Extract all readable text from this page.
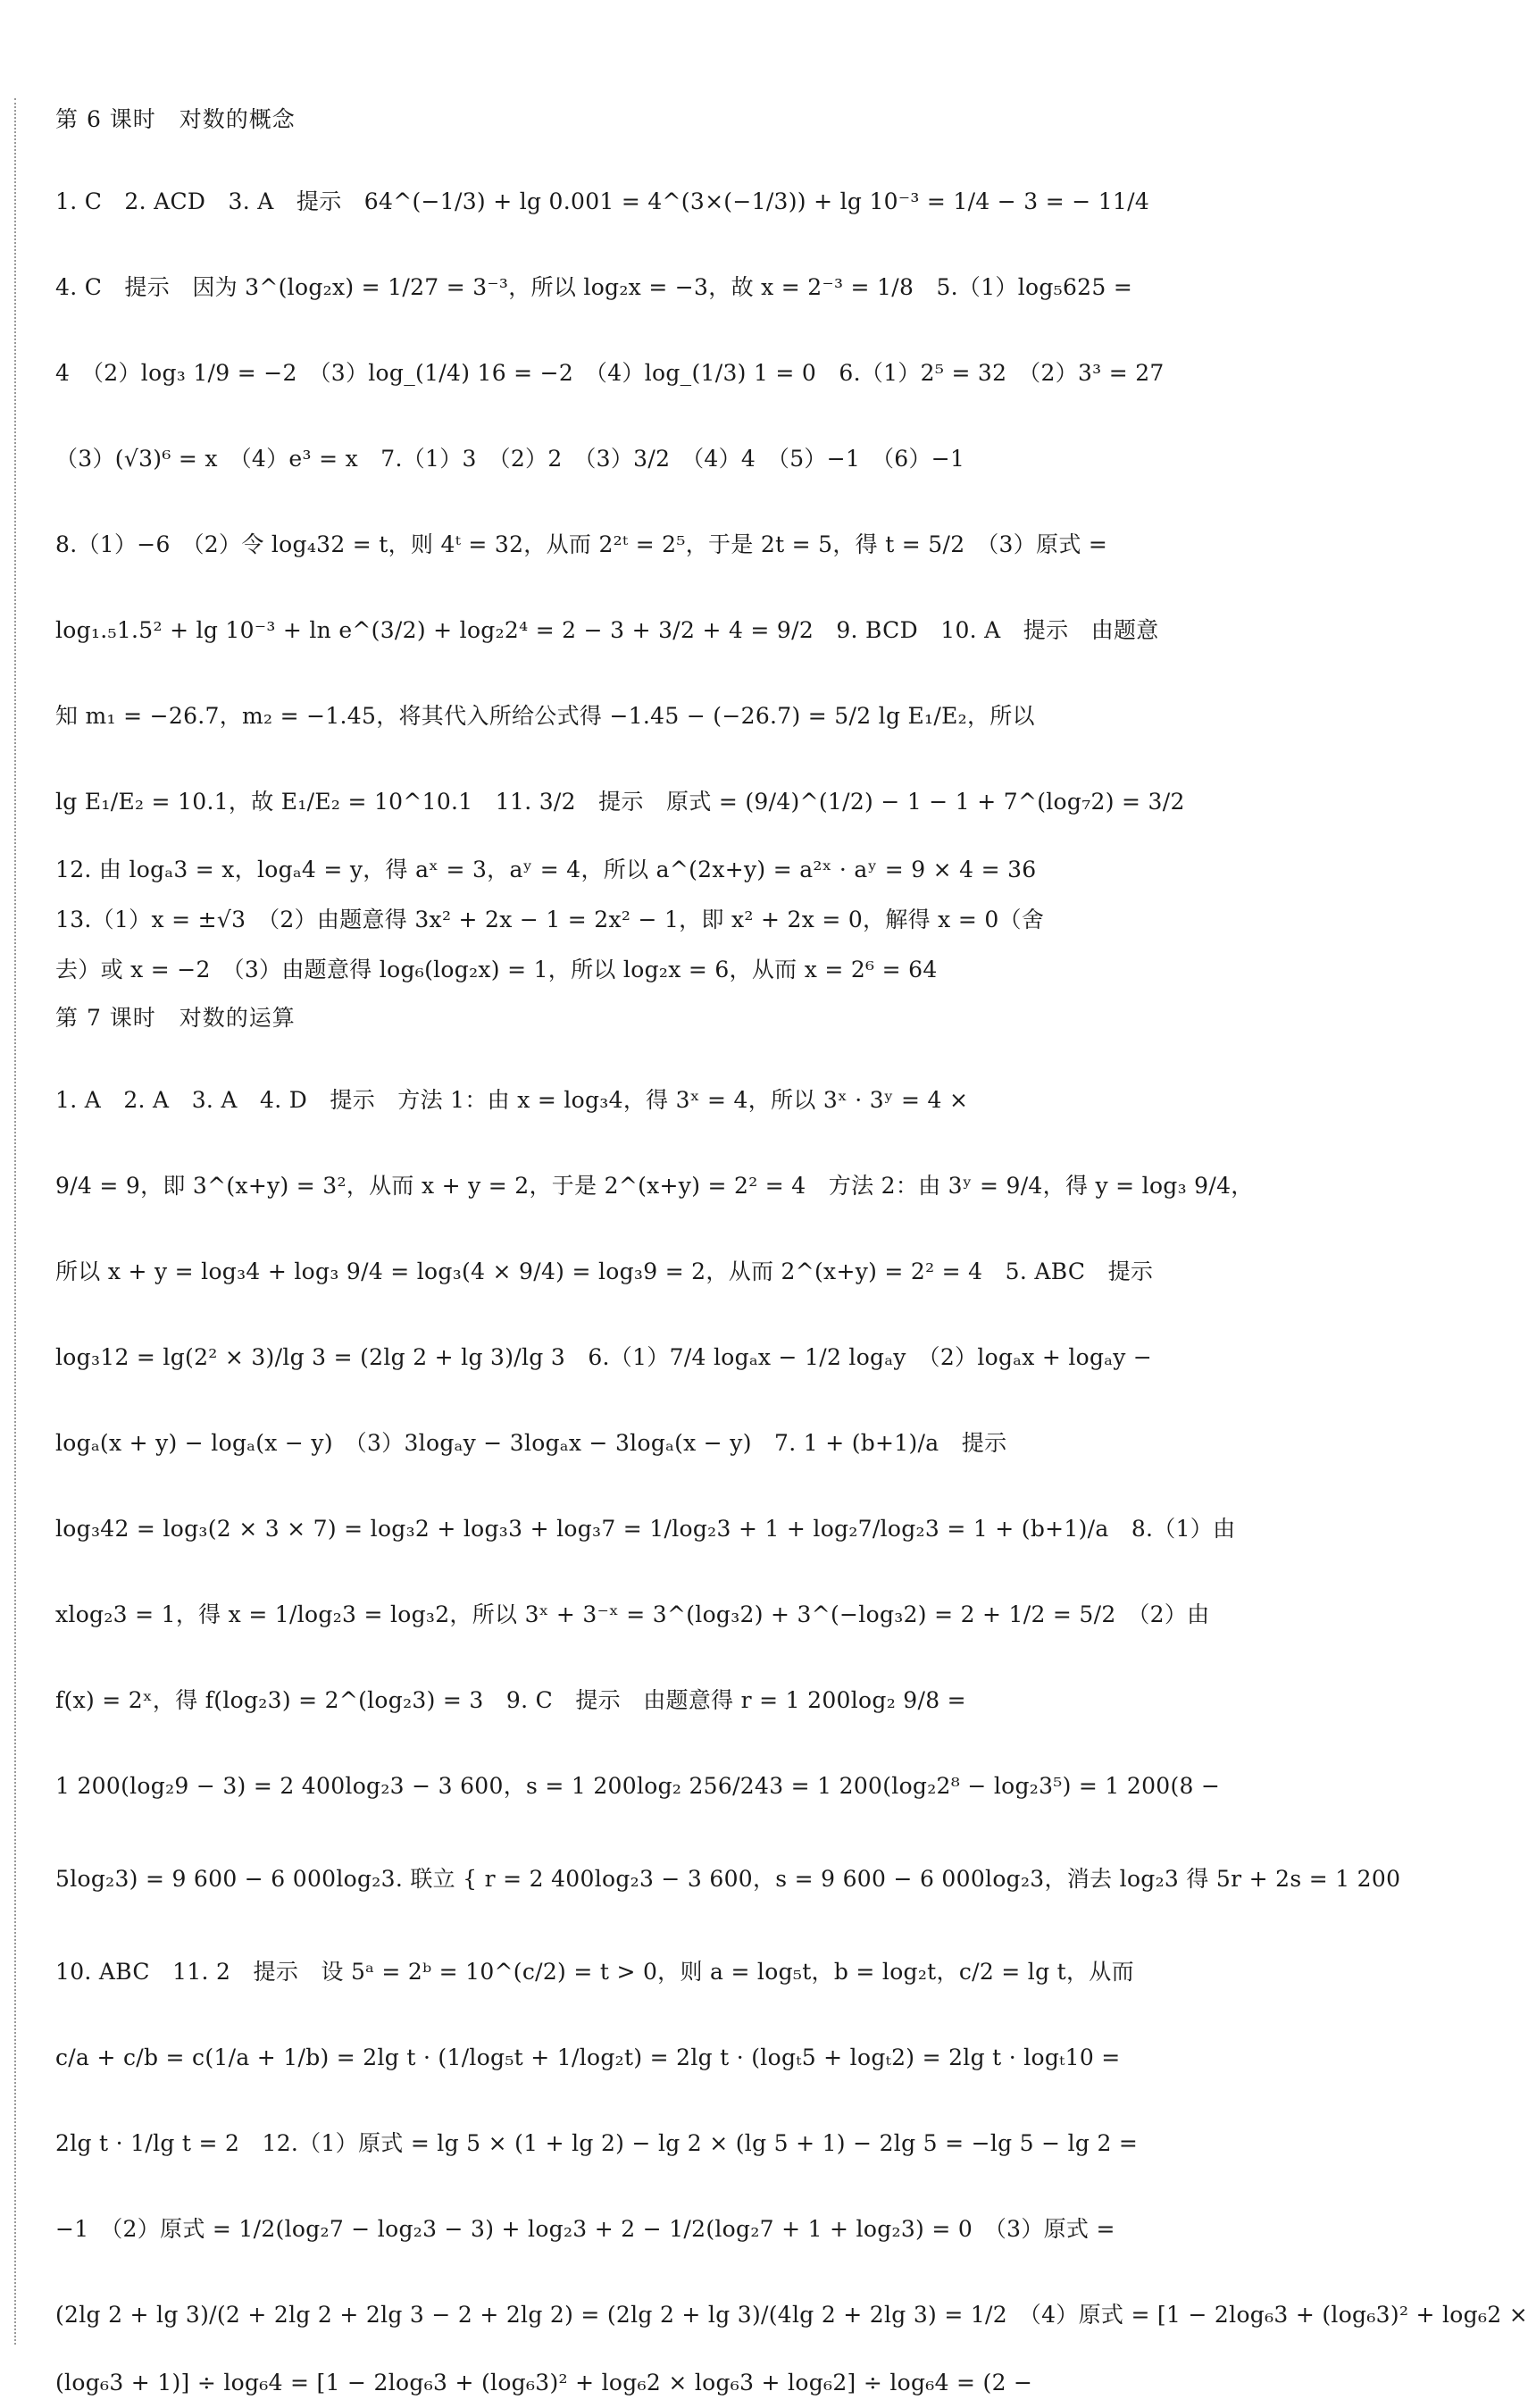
第 6 课时　对数的概念
1. C　2. ACD　3. A　提示　64^(−1/3) + lg 0.001 = 4^(3×(−1/3)) + lg 10⁻³ = 1/4 − 3 = − 11/4
4. C　提示　因为 3^(log₂x) = 1/27 = 3⁻³，所以 log₂x = −3，故 x = 2⁻³ = 1/8　5.（1）log₅625 =
4　（2）log₃ 1/9 = −2　（3）log_(1/4) 16 = −2　（4）log_(1/3) 1 = 0　6.（1）2⁵ = 32　（2）3³ = 27
（3）(√3)⁶ = x　（4）e³ = x　7.（1）3　（2）2　（3）3/2　（4）4　（5）−1　（6）−1
8.（1）−6　（2）令 log₄32 = t，则 4ᵗ = 32，从而 2²ᵗ = 2⁵，于是 2t = 5，得 t = 5/2　（3）原式 =
log₁.₅1.5² + lg 10⁻³ + ln e^(3/2) + log₂2⁴ = 2 − 3 + 3/2 + 4 = 9/2　9. BCD　10. A　提示　由题意
知 m₁ = −26.7，m₂ = −1.45，将其代入所给公式得 −1.45 − (−26.7) = 5/2 lg E₁/E₂，所以
lg E₁/E₂ = 10.1，故 E₁/E₂ = 10^10.1　11. 3/2　提示　原式 = (9/4)^(1/2) − 1 − 1 + 7^(log₇2) = 3/2
12. 由 logₐ3 = x，logₐ4 = y，得 aˣ = 3，aʸ = 4，所以 a^(2x+y) = a²ˣ · aʸ = 9 × 4 = 36
13.（1）x = ±√3　（2）由题意得 3x² + 2x − 1 = 2x² − 1，即 x² + 2x = 0，解得 x = 0（舍
去）或 x = −2　（3）由题意得 log₆(log₂x) = 1，所以 log₂x = 6，从而 x = 2⁶ = 64
第 7 课时　对数的运算
1. A　2. A　3. A　4. D　提示　方法 1：由 x = log₃4，得 3ˣ = 4，所以 3ˣ · 3ʸ = 4 ×
9/4 = 9，即 3^(x+y) = 3²，从而 x + y = 2，于是 2^(x+y) = 2² = 4　方法 2：由 3ʸ = 9/4，得 y = log₃ 9/4，
所以 x + y = log₃4 + log₃ 9/4 = log₃(4 × 9/4) = log₃9 = 2，从而 2^(x+y) = 2² = 4　5. ABC　提示
log₃12 = lg(2² × 3)/lg 3 = (2lg 2 + lg 3)/lg 3　6.（1）7/4 logₐx − 1/2 logₐy　（2）logₐx + logₐy −
logₐ(x + y) − logₐ(x − y)　（3）3logₐy − 3logₐx − 3logₐ(x − y)　7. 1 + (b+1)/a　提示
log₃42 = log₃(2 × 3 × 7) = log₃2 + log₃3 + log₃7 = 1/log₂3 + 1 + log₂7/log₂3 = 1 + (b+1)/a　8.（1）由
xlog₂3 = 1，得 x = 1/log₂3 = log₃2，所以 3ˣ + 3⁻ˣ = 3^(log₃2) + 3^(−log₃2) = 2 + 1/2 = 5/2　（2）由
f(x) = 2ˣ，得 f(log₂3) = 2^(log₂3) = 3　9. C　提示　由题意得 r = 1 200log₂ 9/8 =
1 200(log₂9 − 3) = 2 400log₂3 − 3 600，s = 1 200log₂ 256/243 = 1 200(log₂2⁸ − log₂3⁵) = 1 200(8 −
5log₂3) = 9 600 − 6 000log₂3. 联立 { r = 2 400log₂3 − 3 600，s = 9 600 − 6 000log₂3，消去 log₂3 得 5r + 2s = 1 200
10. ABC　11. 2　提示　设 5ᵃ = 2ᵇ = 10^(c/2) = t > 0，则 a = log₅t，b = log₂t，c/2 = lg t，从而
c/a + c/b = c(1/a + 1/b) = 2lg t · (1/log₅t + 1/log₂t) = 2lg t · (logₜ5 + logₜ2) = 2lg t · logₜ10 =
2lg t · 1/lg t = 2　12.（1）原式 = lg 5 × (1 + lg 2) − lg 2 × (lg 5 + 1) − 2lg 5 = −lg 5 − lg 2 =
−1　（2）原式 = 1/2(log₂7 − log₂3 − 3) + log₂3 + 2 − 1/2(log₂7 + 1 + log₂3) = 0　（3）原式 =
(2lg 2 + lg 3)/(2 + 2lg 2 + 2lg 3 − 2 + 2lg 2) = (2lg 2 + lg 3)/(4lg 2 + 2lg 3) = 1/2　（4）原式 = [1 − 2log₆3 + (log₆3)² + log₆2 ×
(log₆3 + 1)] ÷ log₆4 = [1 − 2log₆3 + (log₆3)² + log₆2 × log₆3 + log₆2] ÷ log₆4 = (2 −
